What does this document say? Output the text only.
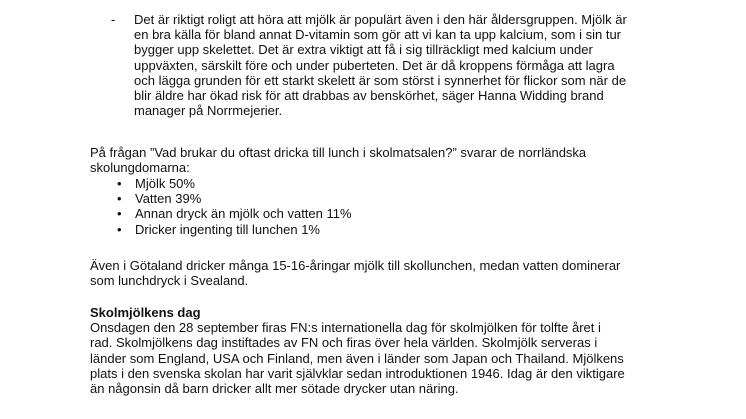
-	Det är riktigt roligt att höra att mjölk är populärt även i den här åldersgruppen. Mjölk är
en bra källa för bland annat D-vitamin som gör att vi kan ta upp kalcium, som i sin tur
bygger upp skelettet. Det är extra viktigt att få i sig tillräckligt med kalcium under
uppväxten, särskilt före och under puberteten. Det är då kroppens förmåga att lagra
och lägga grunden för ett starkt skelett är som störst i synnerhet för flickor som när de
blir äldre har ökad risk för att drabbas av benskörhet, säger Hanna Widding brand
manager på Norrmejerier.
På frågan ”Vad brukar du oftast dricka till lunch i skolmatsalen?” svarar de norrländska
skolungdomarna:
• Mjölk 50%
• Vatten 39%
• Annan dryck än mjölk och vatten 11%
• Dricker ingenting till lunchen 1%
Även i Götaland dricker många 15-16-åringar mjölk till skollunchen, medan vatten dominerar
som lunchdryck i Svealand.
Skolmjölkens dag
Onsdagen den 28 september firas FN:s internationella dag för skolmjölken för tolfte året i
rad. Skolmjölkens dag instiftades av FN och firas över hela världen. Skolmjölk serveras i
länder som England, USA och Finland, men även i länder som Japan och Thailand. Mjölkens
plats i den svenska skolan har varit självklar sedan introduktionen 1946. Idag är den viktigare
än någonsin då barn dricker allt mer sötade drycker utan näring.
